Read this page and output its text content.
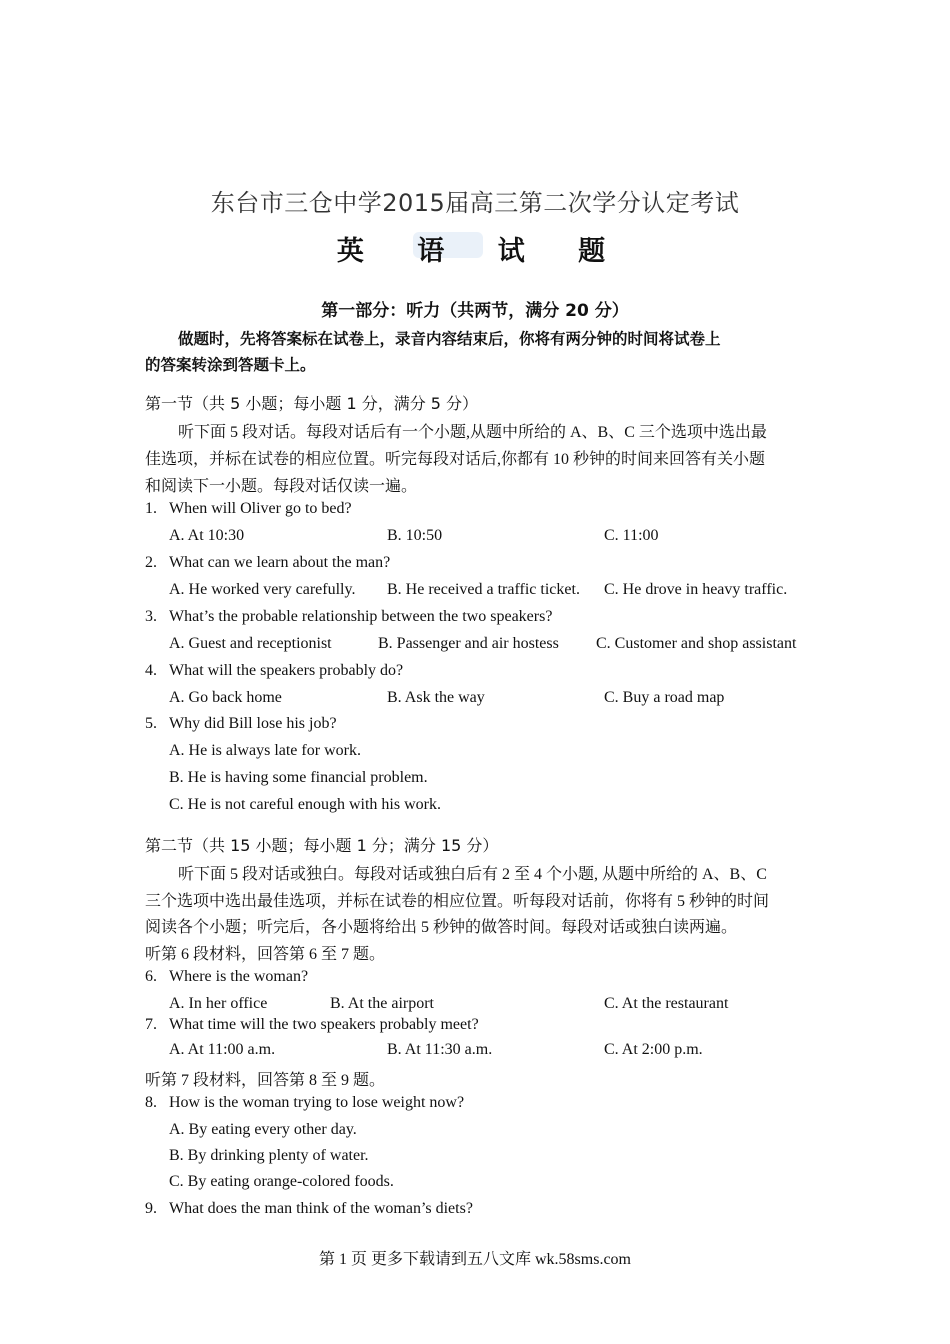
东台市三仓中学2015届高三第二次学分认定考试
英 语 试 题
第一部分：听力（共两节，满分 20 分）
做题时，先将答案标在试卷上，录音内容结束后，你将有两分钟的时间将试卷上
的答案转涂到答题卡上。
第一节（共 5 小题；每小题 1 分，满分 5 分）
听下面 5 段对话。每段对话后有一个小题,从题中所给的 A、B、C 三个选项中选出最
佳选项，并标在试卷的相应位置。听完每段对话后,你都有 10 秒钟的时间来回答有关小题
和阅读下一小题。每段对话仅读一遍。
1. When will Oliver go to bed?
A. At 10:30	B. 10:50	C. 11:00
2. What can we learn about the man?
A. He worked very carefully. B. He received a traffic ticket. C. He drove in heavy traffic.
3. What’s the probable relationship between the two speakers?
A. Guest and receptionist	B. Passenger and air hostess C. Customer and shop assistant
4. What will the speakers probably do?
A. Go back home	B. Ask the way	C. Buy a road map
5. Why did Bill lose his job?
A. He is always late for work.
B. He is having some financial problem.
C. He is not careful enough with his work.
第二节（共 15 小题；每小题 1 分；满分 15 分）
听下面 5 段对话或独白。每段对话或独白后有 2 至 4 个小题, 从题中所给的 A、B、C
三个选项中选出最佳选项，并标在试卷的相应位置。听每段对话前，你将有 5 秒钟的时间
阅读各个小题；听完后，各小题将给出 5 秒钟的做答时间。每段对话或独白读两遍。
听第 6 段材料，回答第 6 至 7 题。
6. Where is the woman?
A. In her office	B. At the airport	C. At the restaurant
7. What time will the two speakers probably meet?
A. At 11:00 a.m.	B. At 11:30 a.m.	C. At 2:00 p.m.
听第 7 段材料，回答第 8 至 9 题。
8. How is the woman trying to lose weight now?
A. By eating every other day.
B. By drinking plenty of water.
C. By eating orange-colored foods.
9. What does the man think of the woman’s diets?
第 1 页 更多下载请到五八文库 wk.58sms.com
